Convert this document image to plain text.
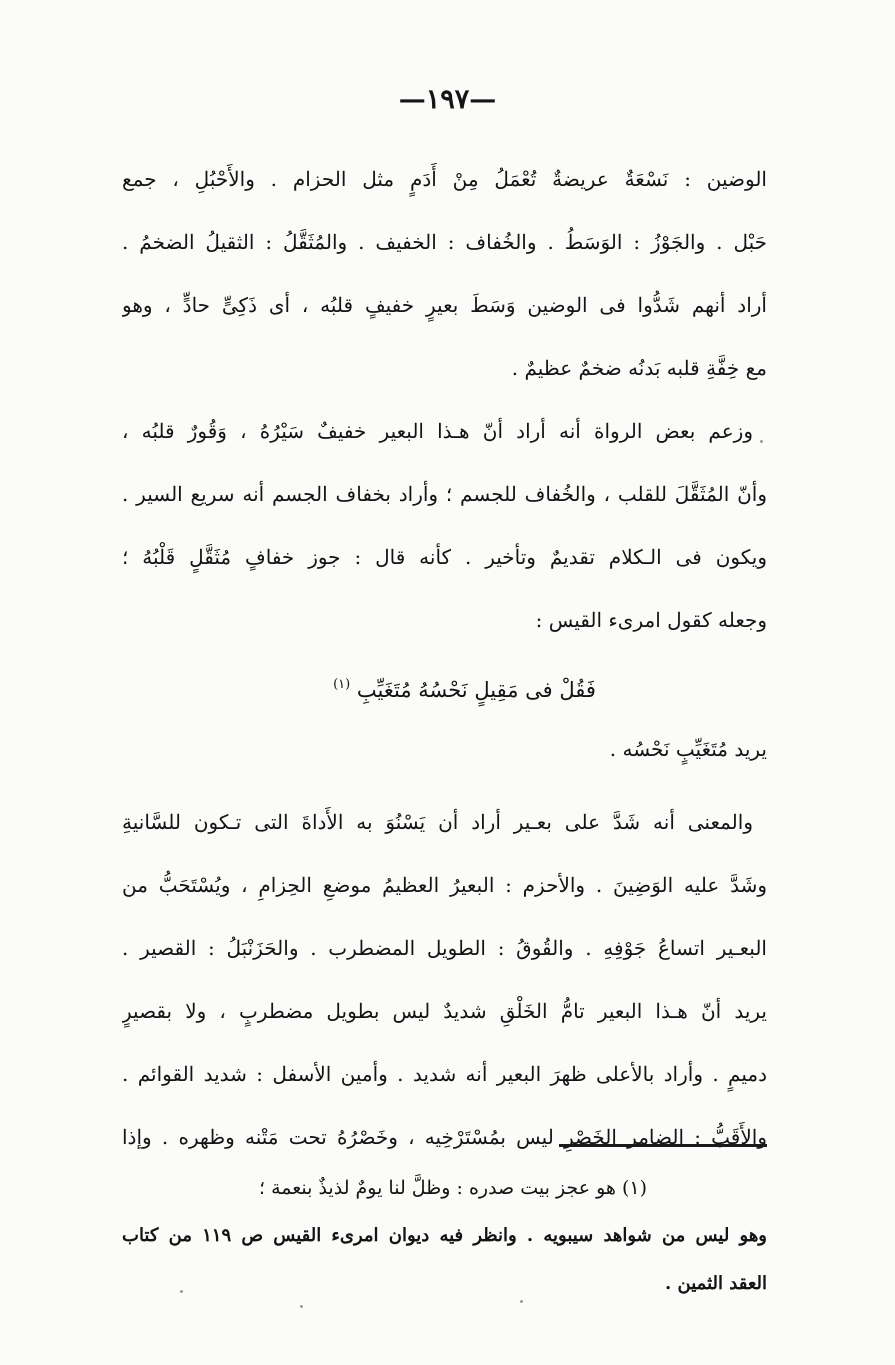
—١٩٧—
الوضين : نَسْعَةٌ عريضةٌ تُعْمَلُ مِنْ أَدَمٍ مثل الحزام . والأَحْبُلِ ، جمع
حَبْل . والجَوْزُ : الوَسَطُ . والخُفاف : الخفيف . والمُثَقَّلُ : الثقيلُ الضخمُ .
أراد أنهم شَدُّوا فى الوضين وَسَطَ بعيرٍ خفيفٍ قلبُه ، أى ذَكِىٍّ حادٍّ ، وهو
مع خِفَّةِ قلبه بَدنُه ضخمٌ عظيمٌ .
وزعم بعض الرواة أنه أراد أنّ هـذا البعير خفيفٌ سَيْرُهُ ، وَقُورٌ قلبُه ،
وأنّ المُثَقَّلَ للقلب ، والخُفاف للجسم ؛ وأراد بخفاف الجسم أنه سريع السير .
ويكون فى الـكلام تقديمٌ وتأخير . كأنه قال : جوز خفافٍ مُثَقَّلٍ قَلْبُهُ ؛
وجعله كقول امرىء القيس :
فَقُلْ فى مَقِيلٍ نَحْسُهُ مُتَغَيِّبِ $^{(١)}$
يريد مُتَغَيِّبٍ نَحْسُه .
والمعنى أنه شَدَّ على بعـير أراد أن يَسْنُوَ به الأَداةَ التى تـكون للسَّانيةِ
وشَدَّ عليه الوَضِينَ . والأحزم : البعيرُ العظيمُ موضعِ الحِزامِ ، ويُسْتَحَبُّ من
البعـير اتساعُ جَوْفِهِ . والقُوقُ : الطويل المضطرب . والحَزَنْبَلُ : القصير .
يريد أنّ هـذا البعير تامُّ الخَلْقِ شديدٌ ليس بطويل مضطربٍ ، ولا بقصيرٍ
دميمٍ . وأراد بالأعلى ظهرَ البعير أنه شديد . وأمين الأسفل : شديد القوائم .
والأَقَبُّ : الضامر الخَصْرِ ليس بمُسْتَرْخِيه ، وخَصْرُهُ تحت مَتْنه وظهره . وإذا
(١) هو عجز بيت صدره : وظلَّ لنا يومٌ لذيذٌ بنعمة ؛
وهو ليس من شواهد سيبويه . وانظر فيه ديوان امرىء القيس ص ١١٩ من كتاب
العقد الثمين .
